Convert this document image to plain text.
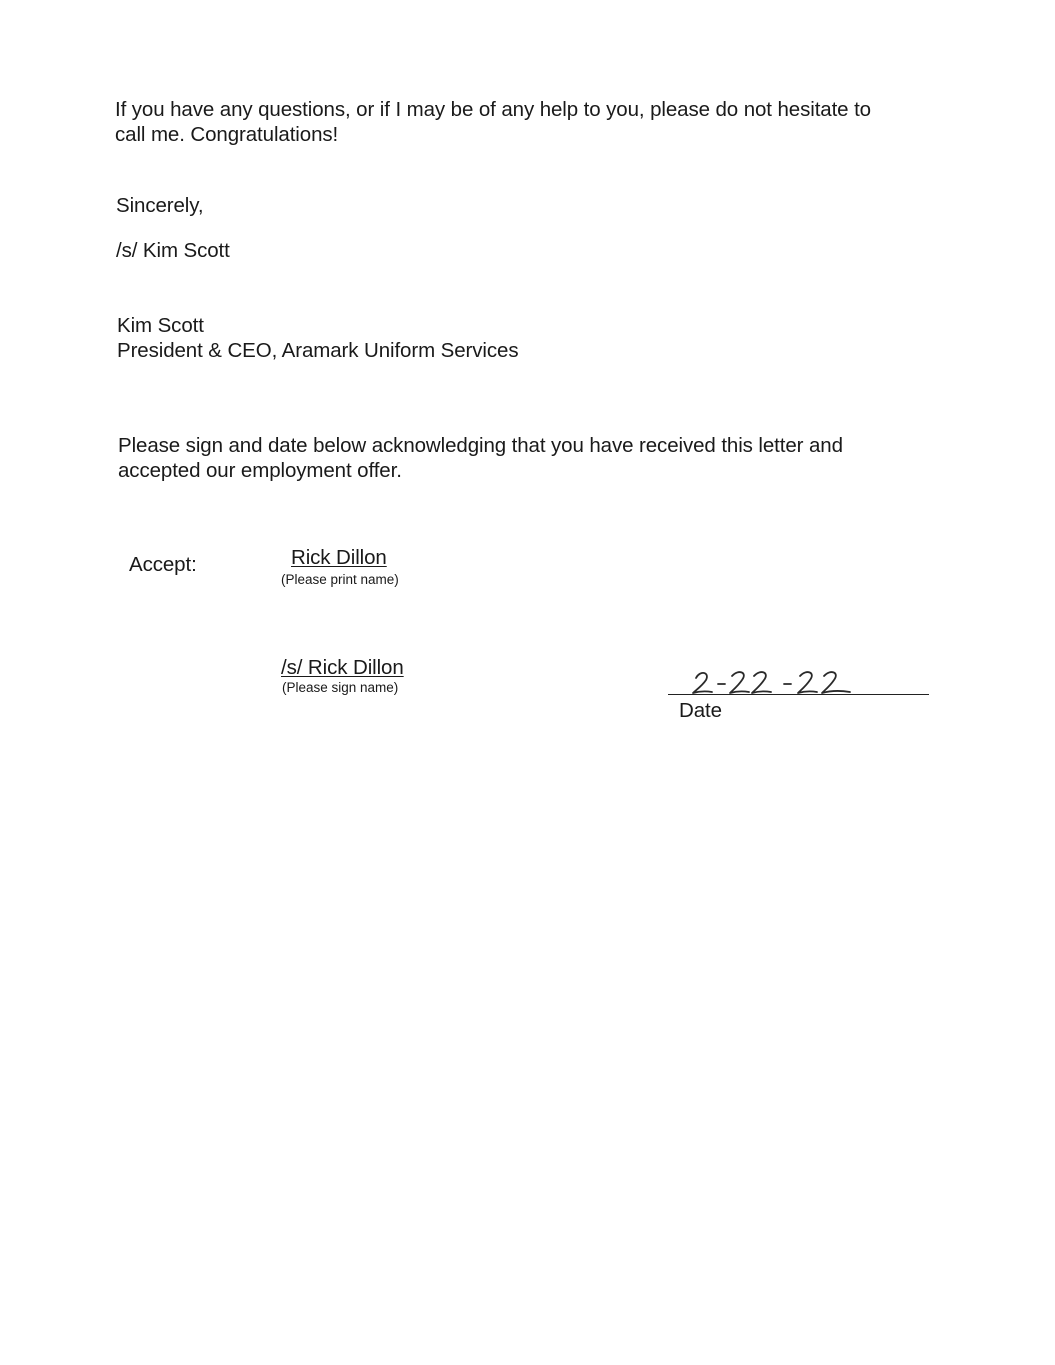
If you have any questions, or if I may be of any help to you, please do not hesitate to
call me. Congratulations!
Sincerely,
/s/ Kim Scott
Kim Scott
President & CEO, Aramark Uniform Services
Please sign and date below acknowledging that you have received this letter and
accepted our employment offer.
Accept:	Rick Dillon
(Please print name)
/s/ Rick Dillon
(Please sign name)
Date
